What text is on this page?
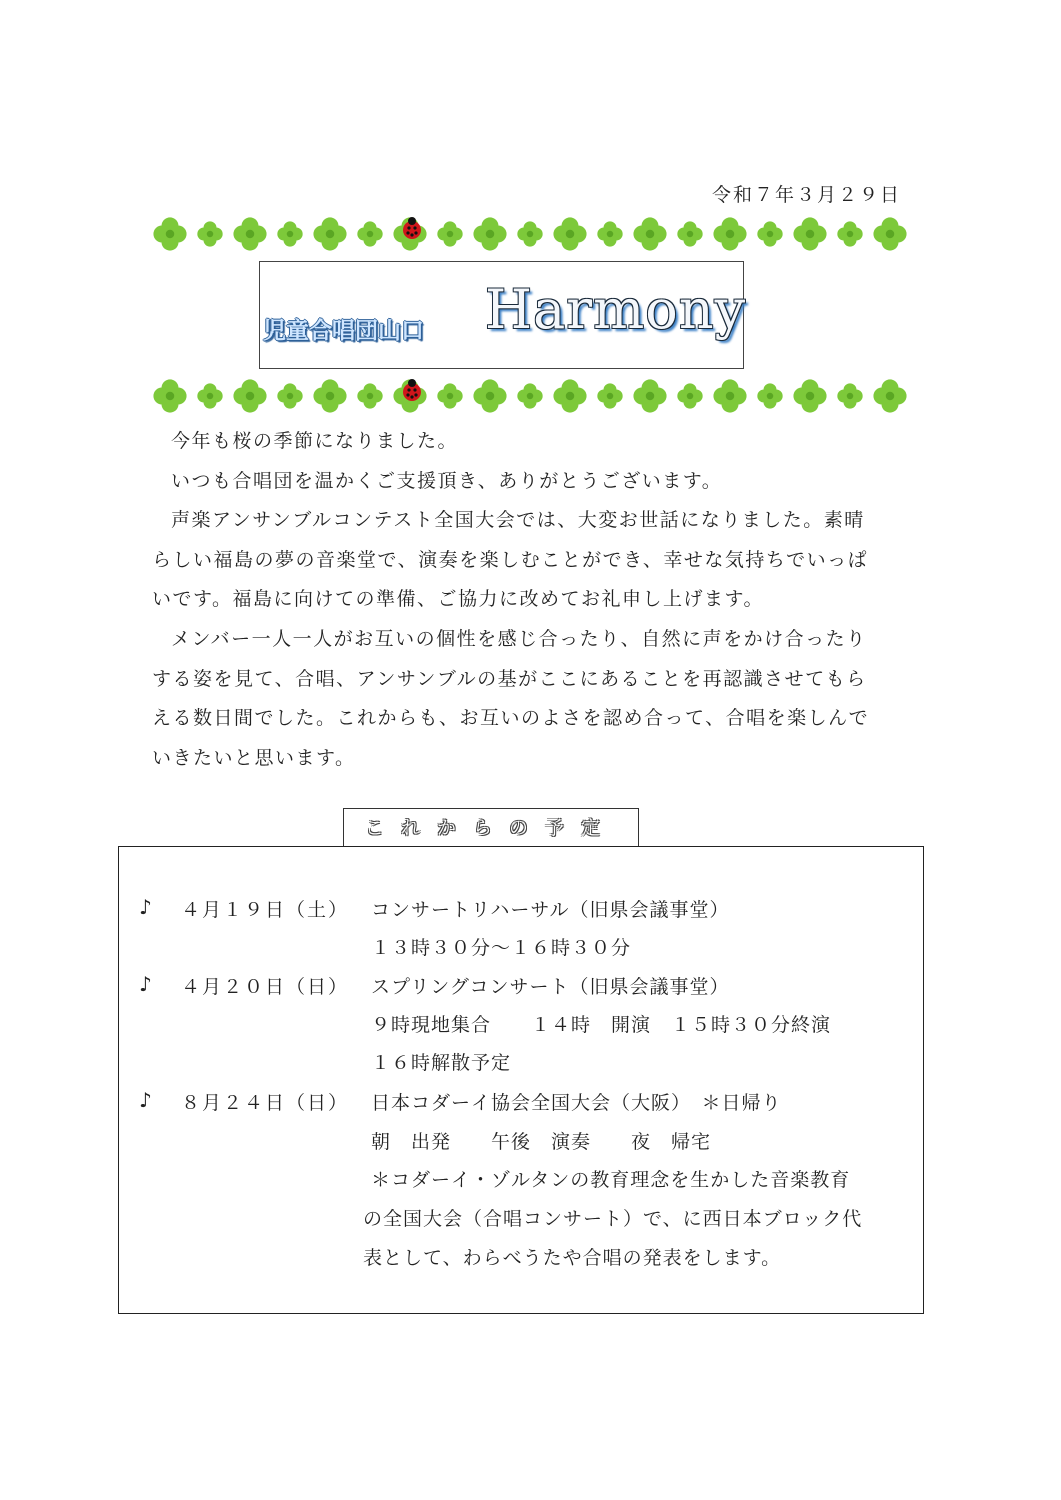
令和７年３月２９日
児童合唱団山口 Harmony

今年も桜の季節になりました。

いつも合唱団を温かくご支援頂き、ありがとうございます。

声楽アンサンブルコンテスト全国大会では、大変お世話になりました。素晴

らしい福島の夢の音楽堂で、演奏を楽しむことができ、幸せな気持ちでいっぱ

いです。福島に向けての準備、ご協力に改めてお礼申し上げます。

メンバー一人一人がお互いの個性を感じ合ったり、自然に声をかけ合ったり

する姿を見て、合唱、アンサンブルの基がここにあることを再認識させてもら

える数日間でした。これからも、お互いのよさを認め合って、合唱を楽しんで

いきたいと思います。

これからの予定
♪ ４月１９日（土） コンサートリハーサル（旧県会議事堂）
１３時３０分～１６時３０分
♪ ４月２０日（日） スプリングコンサート（旧県会議事堂）
９時現地集合　　１４時　開演　１５時３０分終演
１６時解散予定
♪ ８月２４日（日） 日本コダーイ協会全国大会（大阪）　＊日帰り
朝　出発　　午後　演奏　　夜　帰宅
＊コダーイ・ゾルタンの教育理念を生かした音楽教育
の全国大会（合唱コンサート）で、に西日本ブロック代
表として、わらべうたや合唱の発表をします。
